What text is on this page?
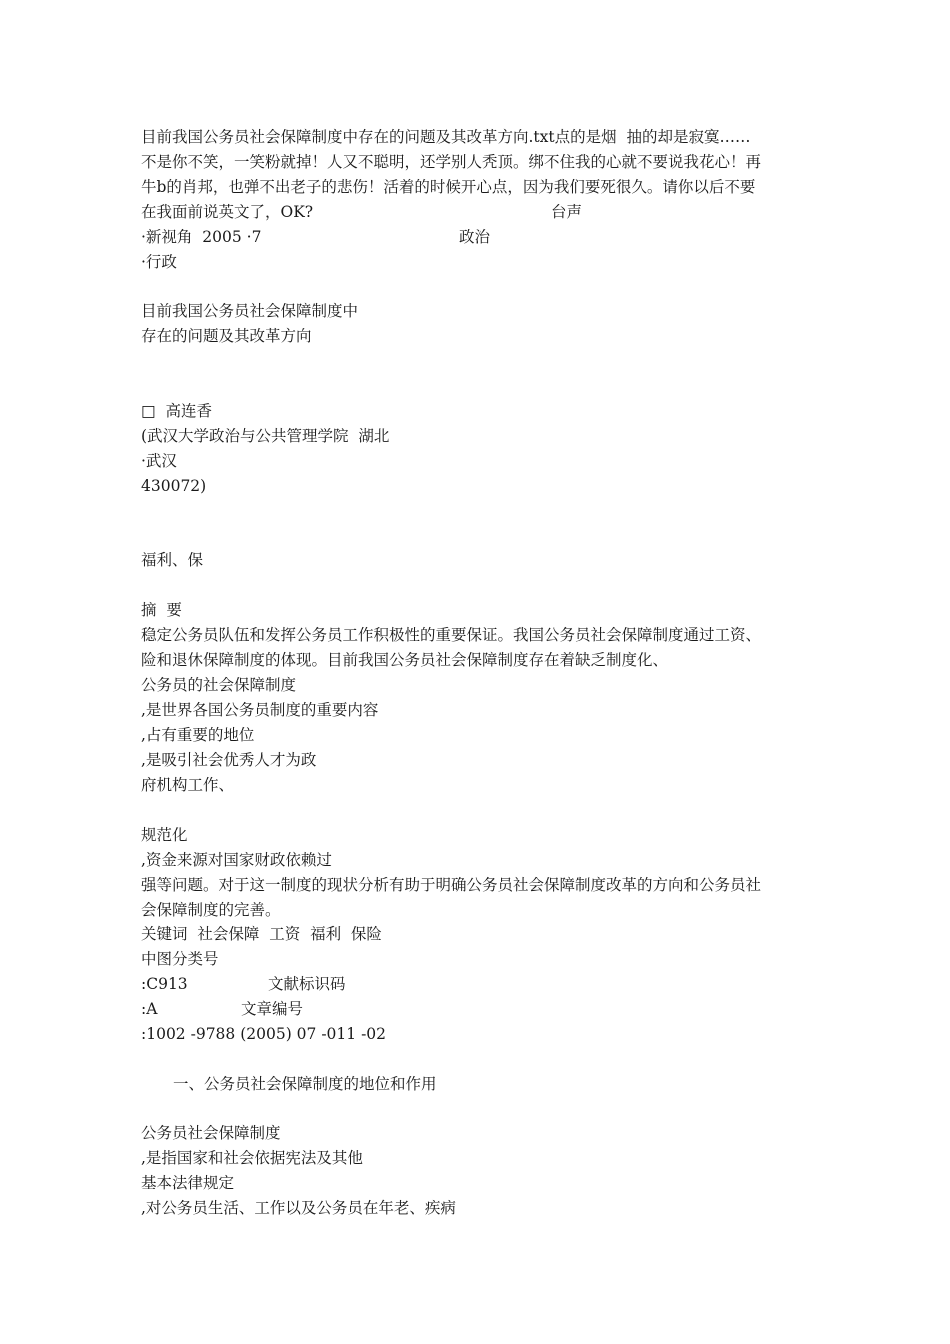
目前我国公务员社会保障制度中存在的问题及其改革方向.txt点的是烟  抽的却是寂寞……
不是你不笑，一笑粉就掉！人又不聪明，还学别人秃顶。绑不住我的心就不要说我花心！再
牛b的肖邦，也弹不出老子的悲伤！活着的时候开心点，因为我们要死很久。请你以后不要
在我面前说英文了，OK?	台声
·新视角  2005 ·7	政治
·行政
目前我国公务员社会保障制度中
存在的问题及其改革方向
□  高连香
(武汉大学政治与公共管理学院  湖北
·武汉
430072)
福利、保
摘  要
稳定公务员队伍和发挥公务员工作积极性的重要保证。我国公务员社会保障制度通过工资、
险和退休保障制度的体现。目前我国公务员社会保障制度存在着缺乏制度化、
公务员的社会保障制度
,是世界各国公务员制度的重要内容
,占有重要的地位
,是吸引社会优秀人才为政
府机构工作、
规范化
,资金来源对国家财政依赖过
强等问题。对于这一制度的现状分析有助于明确公务员社会保障制度改革的方向和公务员社
会保障制度的完善。
关键词  社会保障  工资  福利  保险
中图分类号
:C913	文献标识码
:A	文章编号
:1002 -9788 (2005) 07 -011 -02
一、公务员社会保障制度的地位和作用
公务员社会保障制度
,是指国家和社会依据宪法及其他
基本法律规定
,对公务员生活、工作以及公务员在年老、疾病
